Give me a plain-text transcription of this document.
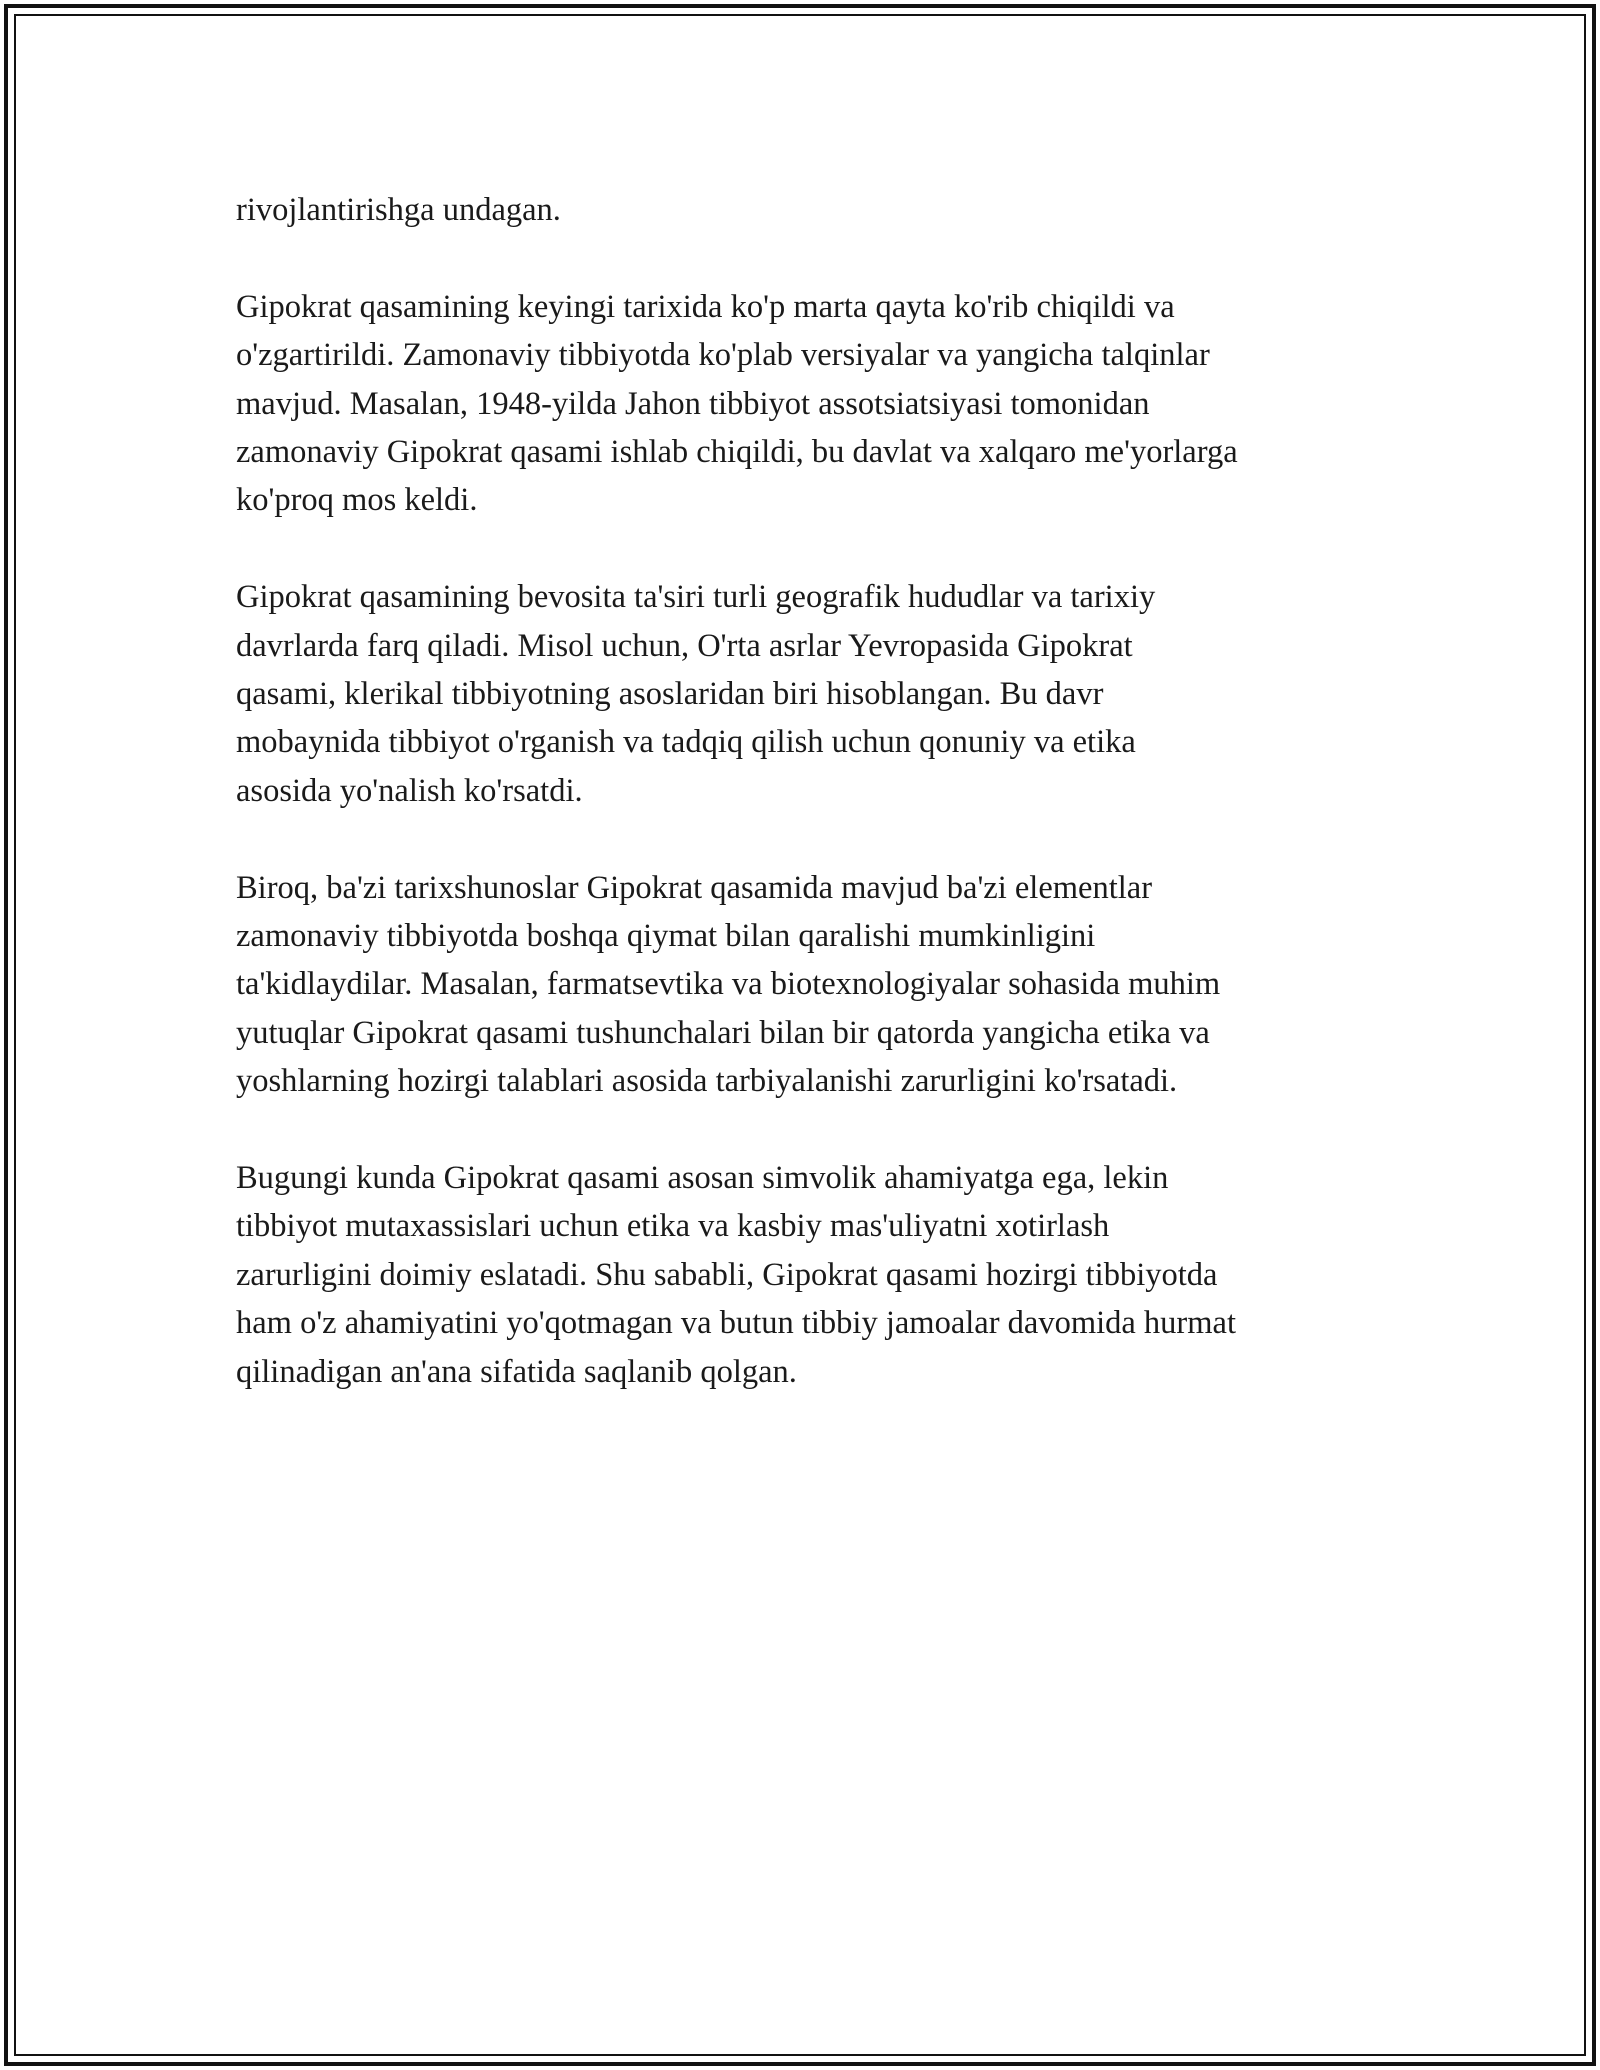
rivojlantirishga undagan.

Gipokrat qasamining keyingi tarixida ko'p marta qayta ko'rib chiqildi va
o'zgartirildi. Zamonaviy tibbiyotda ko'plab versiyalar va yangicha talqinlar
mavjud. Masalan, 1948-yilda Jahon tibbiyot assotsiatsiyasi tomonidan
zamonaviy Gipokrat qasami ishlab chiqildi, bu davlat va xalqaro me'yorlarga
ko'proq mos keldi.

Gipokrat qasamining bevosita ta'siri turli geografik hududlar va tarixiy
davrlarda farq qiladi. Misol uchun, O'rta asrlar Yevropasida Gipokrat
qasami, klerikal tibbiyotning asoslaridan biri hisoblangan. Bu davr
mobaynida tibbiyot o'rganish va tadqiq qilish uchun qonuniy va etika
asosida yo'nalish ko'rsatdi.

Biroq, ba'zi tarixshunoslar Gipokrat qasamida mavjud ba'zi elementlar
zamonaviy tibbiyotda boshqa qiymat bilan qaralishi mumkinligini
ta'kidlaydilar. Masalan, farmatsevtika va biotexnologiyalar sohasida muhim
yutuqlar Gipokrat qasami tushunchalari bilan bir qatorda yangicha etika va
yoshlarning hozirgi talablari asosida tarbiyalanishi zarurligini ko'rsatadi.

Bugungi kunda Gipokrat qasami asosan simvolik ahamiyatga ega, lekin
tibbiyot mutaxassislari uchun etika va kasbiy mas'uliyatni xotirlash
zarurligini doimiy eslatadi. Shu sababli, Gipokrat qasami hozirgi tibbiyotda
ham o'z ahamiyatini yo'qotmagan va butun tibbiy jamoalar davomida hurmat
qilinadigan an'ana sifatida saqlanib qolgan.
